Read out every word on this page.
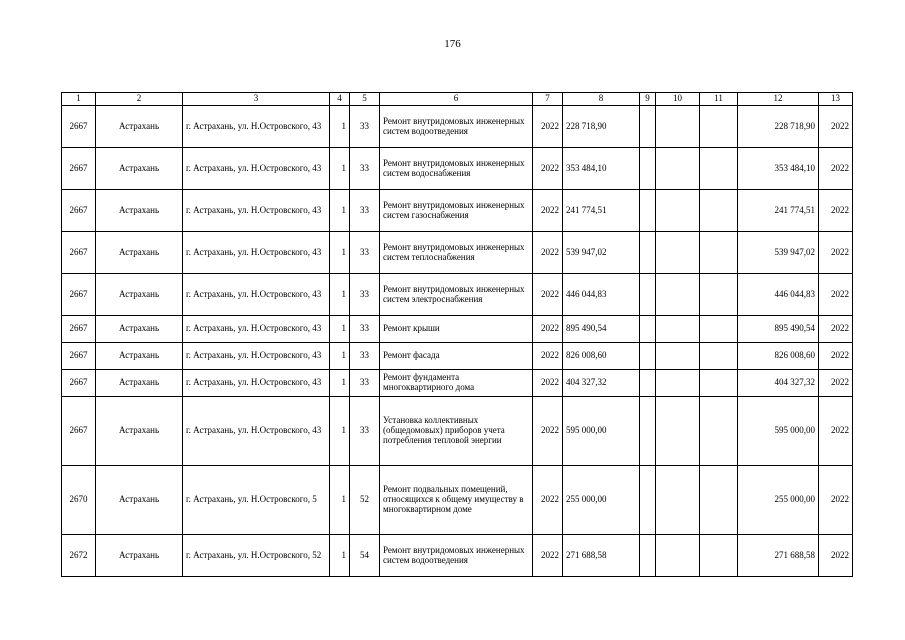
176
1	2	3	4	5	6	7	8	9	10	11	12	13
2667	Астрахань	г. Астрахань, ул. Н.Островского, 43	1	33	Ремонт внутридомовых инженерных систем водоотведения	2022	228 718,90				228 718,90	2022
2667	Астрахань	г. Астрахань, ул. Н.Островского, 43	1	33	Ремонт внутридомовых инженерных систем водоснабжения	2022	353 484,10				353 484,10	2022
2667	Астрахань	г. Астрахань, ул. Н.Островского, 43	1	33	Ремонт внутридомовых инженерных систем газоснабжения	2022	241 774,51				241 774,51	2022
2667	Астрахань	г. Астрахань, ул. Н.Островского, 43	1	33	Ремонт внутридомовых инженерных систем теплоснабжения	2022	539 947,02				539 947,02	2022
2667	Астрахань	г. Астрахань, ул. Н.Островского, 43	1	33	Ремонт внутридомовых инженерных систем электроснабжения	2022	446 044,83				446 044,83	2022
2667	Астрахань	г. Астрахань, ул. Н.Островского, 43	1	33	Ремонт крыши	2022	895 490,54				895 490,54	2022
2667	Астрахань	г. Астрахань, ул. Н.Островского, 43	1	33	Ремонт фасада	2022	826 008,60				826 008,60	2022
2667	Астрахань	г. Астрахань, ул. Н.Островского, 43	1	33	Ремонт фундамента многоквартирного дома	2022	404 327,32				404 327,32	2022
2667	Астрахань	г. Астрахань, ул. Н.Островского, 43	1	33	Установка коллективных (общедомовых) приборов учета потребления тепловой энергии	2022	595 000,00				595 000,00	2022
2670	Астрахань	г. Астрахань, ул. Н.Островского, 5	1	52	Ремонт подвальных помещений, относящихся к общему имуществу в многоквартирном доме	2022	255 000,00				255 000,00	2022
2672	Астрахань	г. Астрахань, ул. Н.Островского, 52	1	54	Ремонт внутридомовых инженерных систем водоотведения	2022	271 688,58				271 688,58	2022
